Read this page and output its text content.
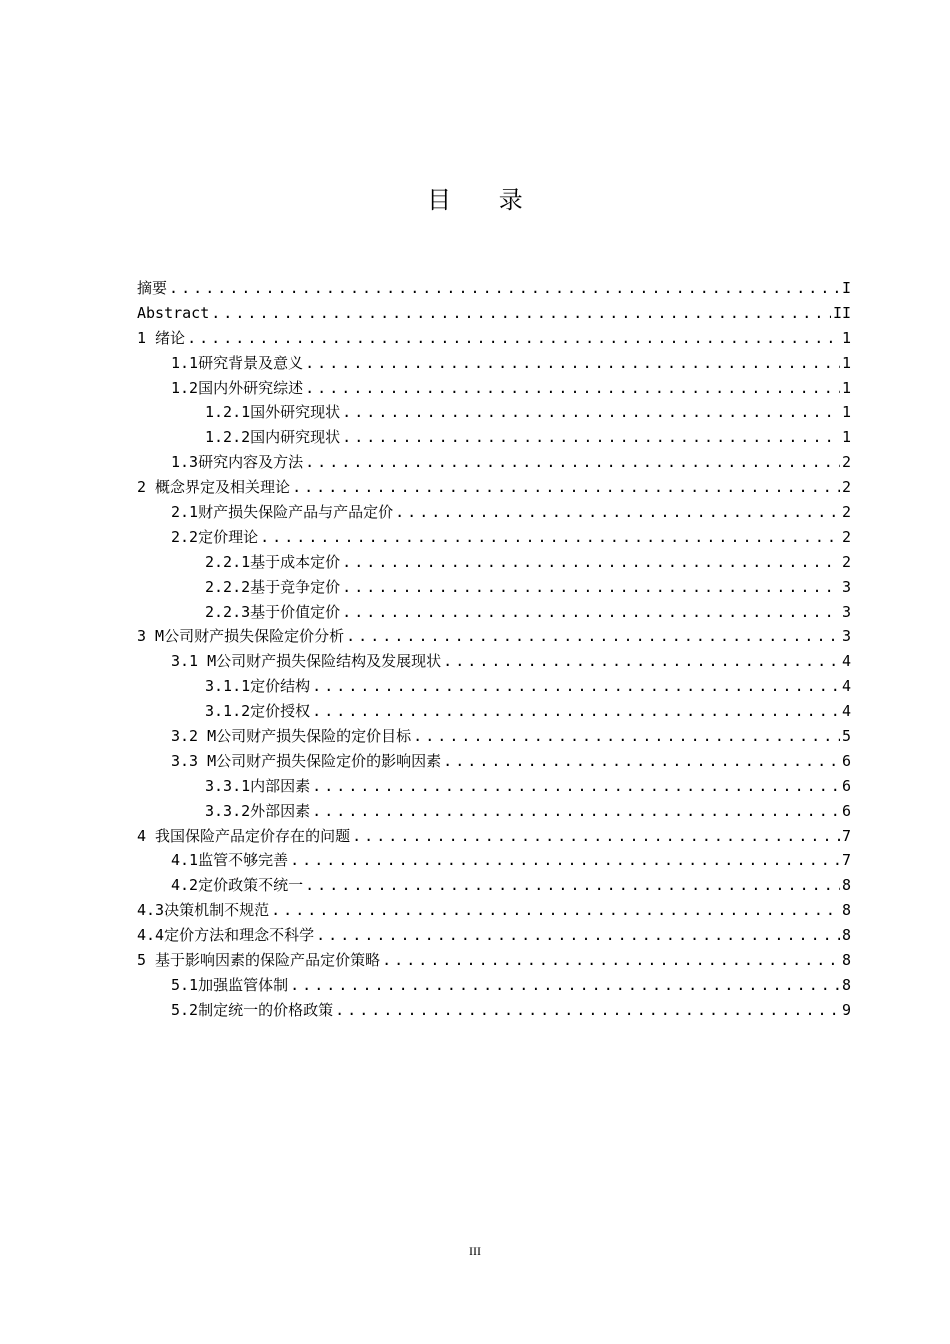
目 录
摘要 . . .	I
Abstract . . .	II
1 绪论 . . .	1
1.1研究背景及意义 . . .	1
1.2国内外研究综述 . . .	1
1.2.1国外研究现状 . . .	1
1.2.2国内研究现状 . . .	1
1.3研究内容及方法 . . .	2
2 概念界定及相关理论 . . .	2
2.1财产损失保险产品与产品定价 . . .	2
2.2定价理论 . . .	2
2.2.1基于成本定价 . . .	2
2.2.2基于竞争定价 . . .	3
2.2.3基于价值定价 . . .	3
3 M公司财产损失保险定价分析 . . .	3
3.1 M公司财产损失保险结构及发展现状 . . .	4
3.1.1定价结构 . . .	4
3.1.2定价授权 . . .	4
3.2 M公司财产损失保险的定价目标 . . .	5
3.3 M公司财产损失保险定价的影响因素 . . .	6
3.3.1内部因素 . . .	6
3.3.2外部因素 . . .	6
4 我国保险产品定价存在的问题 . . .	7
4.1监管不够完善 . . .	7
4.2定价政策不统一 . . .	8
4.3决策机制不规范 . . .	8
4.4定价方法和理念不科学 . . .	8
5 基于影响因素的保险产品定价策略 . . .	8
5.1加强监管体制 . . .	8
5.2制定统一的价格政策 . . .	9
III
